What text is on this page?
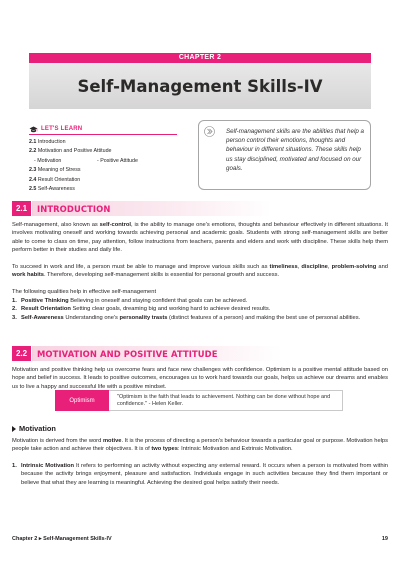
CHAPTER 2
Self-Management Skills-IV
LET'S LEARN
2.1 Introduction
2.2 Motivation and Positive Attitude
- Motivation	- Positive Attitude
2.3 Meaning of Stress
2.4 Result Orientation
2.5 Self-Awareness

Self-management skills are the abilities that help a person control their emotions, thoughts and behaviour in different situations. These skills help us stay disciplined, motivated and focused on our goals.

2.1	INTRODUCTION

Self-management, also known as self-control, is the ability to manage one's emotions, thoughts and behaviour effectively in different situations. It involves motivating oneself and working towards achieving personal and academic goals. Students with strong self-management skills are better able to come to class on time, pay attention, follow instructions from teachers, parents and elders and work with discipline. These skills help them perform better in their studies and daily life.

To succeed in work and life, a person must be able to manage and improve various skills such as timeliness, discipline, problem-solving and work habits. Therefore, developing self-management skills is essential for personal growth and success.

The following qualities help in effective self-management

1. Positive Thinking Believing in oneself and staying confident that goals can be achieved.
2. Result Orientation Setting clear goals, dreaming big and working hard to achieve desired results.
3. Self-Awareness Understanding one's personality trasts (distinct features of a person) and making the best use of personal abilities.
2.2	MOTIVATION AND POSITIVE ATTITUDE

Motivation and positive thinking help us overcome fears and face new challenges with confidence. Optimism is a positive mental attitude based on hope and belief in success. It leads to positive outcomes, encourages us to work hard towards our goals, helps us achieve our dreams and enables us to live a happy and successful life with a positive mindset.

Optimism
"Optimism is the faith that leads to achievement. Nothing can be done without hope and confidence." - Helen Keller.
Motivation

Motivation is derived from the word motive. It is the process of directing a person's behaviour towards a particular goal or purpose. Motivation helps people take action and achieve their objectives. It is of two types: Intrinsic Motivation and Extrinsic Motivation.

1. Intrinsic Motivation It refers to performing an activity without expecting any external reward. It occurs when a person is motivated from within because the activity brings enjoyment, pleasure and satisfaction. Individuals engage in such activities because they find them important or believe that what they are learning is meaningful. Achieving the desired goal helps satisfy their needs.
Chapter 2 ▸ Self-Management Skills-IV	19
